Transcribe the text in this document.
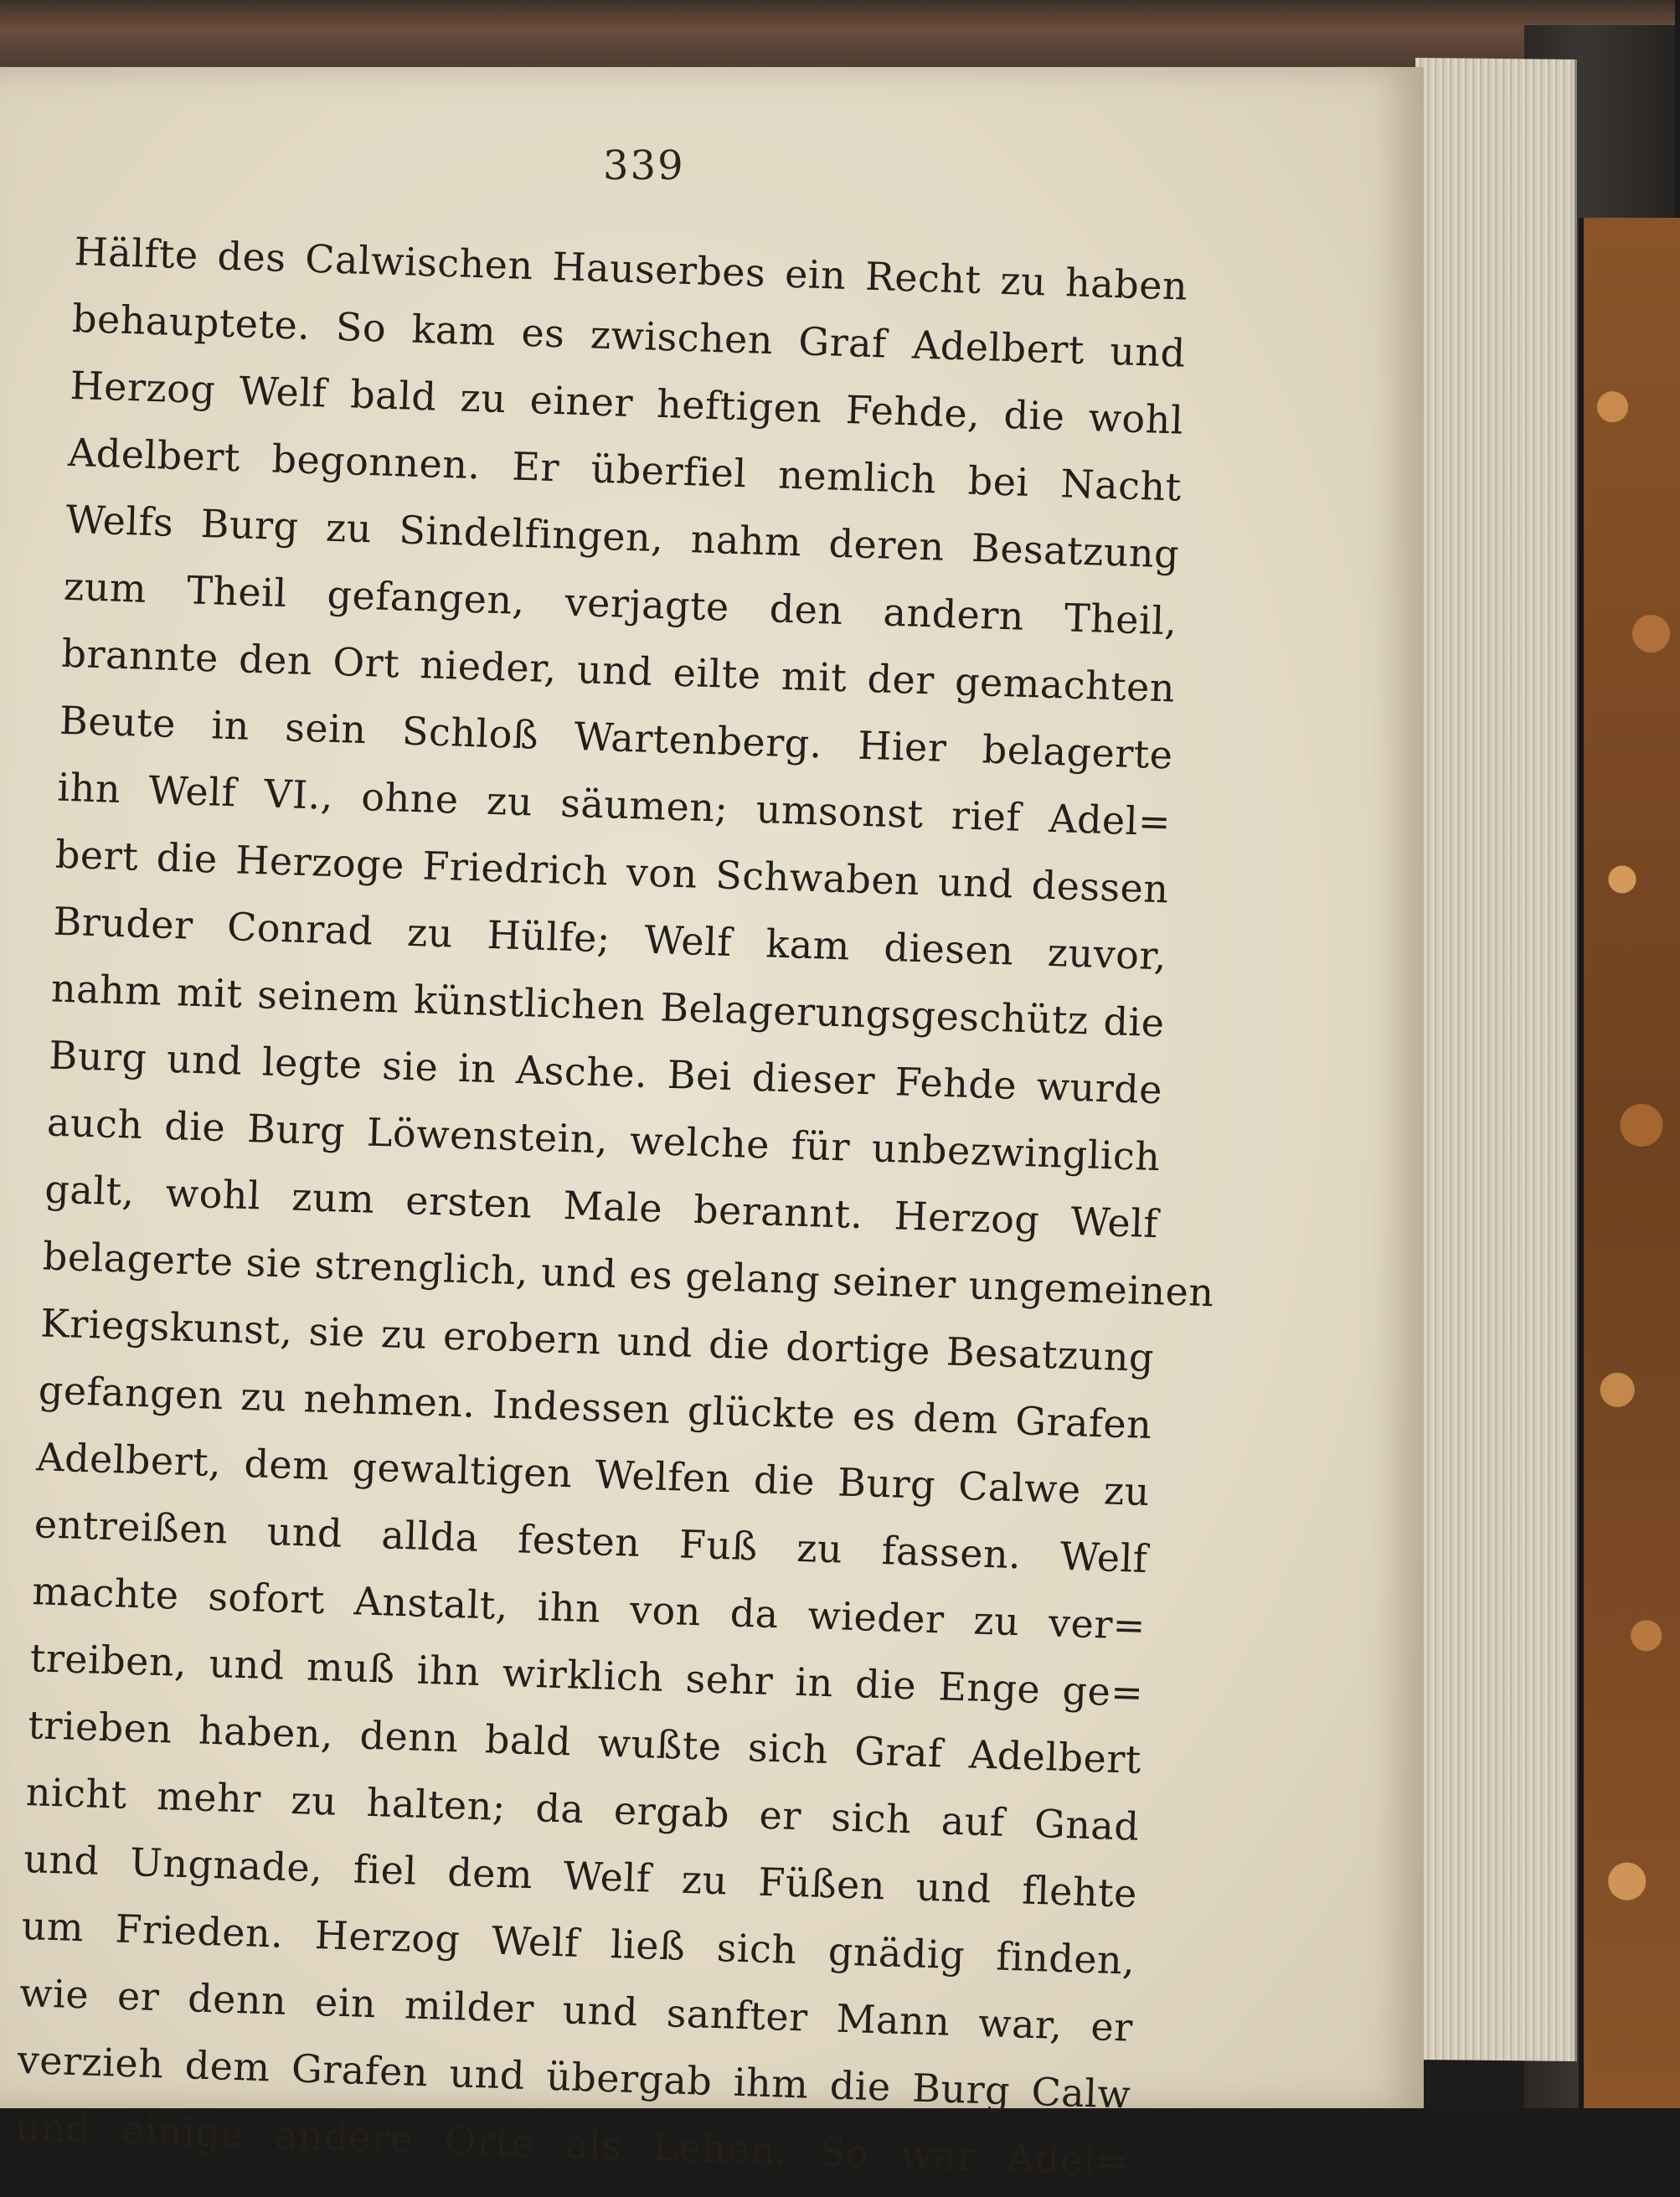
339
Hälfte des Calwischen Hauserbes ein Recht zu haben
behauptete. So kam es zwischen Graf Adelbert und
Herzog Welf bald zu einer heftigen Fehde, die wohl
Adelbert begonnen. Er überfiel nemlich bei Nacht
Welfs Burg zu Sindelfingen, nahm deren Besatzung
zum Theil gefangen, verjagte den andern Theil,
brannte den Ort nieder, und eilte mit der gemachten
Beute in sein Schloß Wartenberg. Hier belagerte
ihn Welf VI., ohne zu säumen; umsonst rief Adel=
bert die Herzoge Friedrich von Schwaben und dessen
Bruder Conrad zu Hülfe; Welf kam diesen zuvor,
nahm mit seinem künstlichen Belagerungsgeschütz die
Burg und legte sie in Asche. Bei dieser Fehde wurde
auch die Burg Löwenstein, welche für unbezwinglich
galt, wohl zum ersten Male berannt. Herzog Welf
belagerte sie strenglich, und es gelang seiner ungemeinen
Kriegskunst, sie zu erobern und die dortige Besatzung
gefangen zu nehmen. Indessen glückte es dem Grafen
Adelbert, dem gewaltigen Welfen die Burg Calwe zu
entreißen und allda festen Fuß zu fassen. Welf
machte sofort Anstalt, ihn von da wieder zu ver=
treiben, und muß ihn wirklich sehr in die Enge ge=
trieben haben, denn bald wußte sich Graf Adelbert
nicht mehr zu halten; da ergab er sich auf Gnad
und Ungnade, fiel dem Welf zu Füßen und flehte
um Frieden. Herzog Welf ließ sich gnädig finden,
wie er denn ein milder und sanfter Mann war, er
verzieh dem Grafen und übergab ihm die Burg Calw
und einige andere Orte als Lehen. So war Adel=
